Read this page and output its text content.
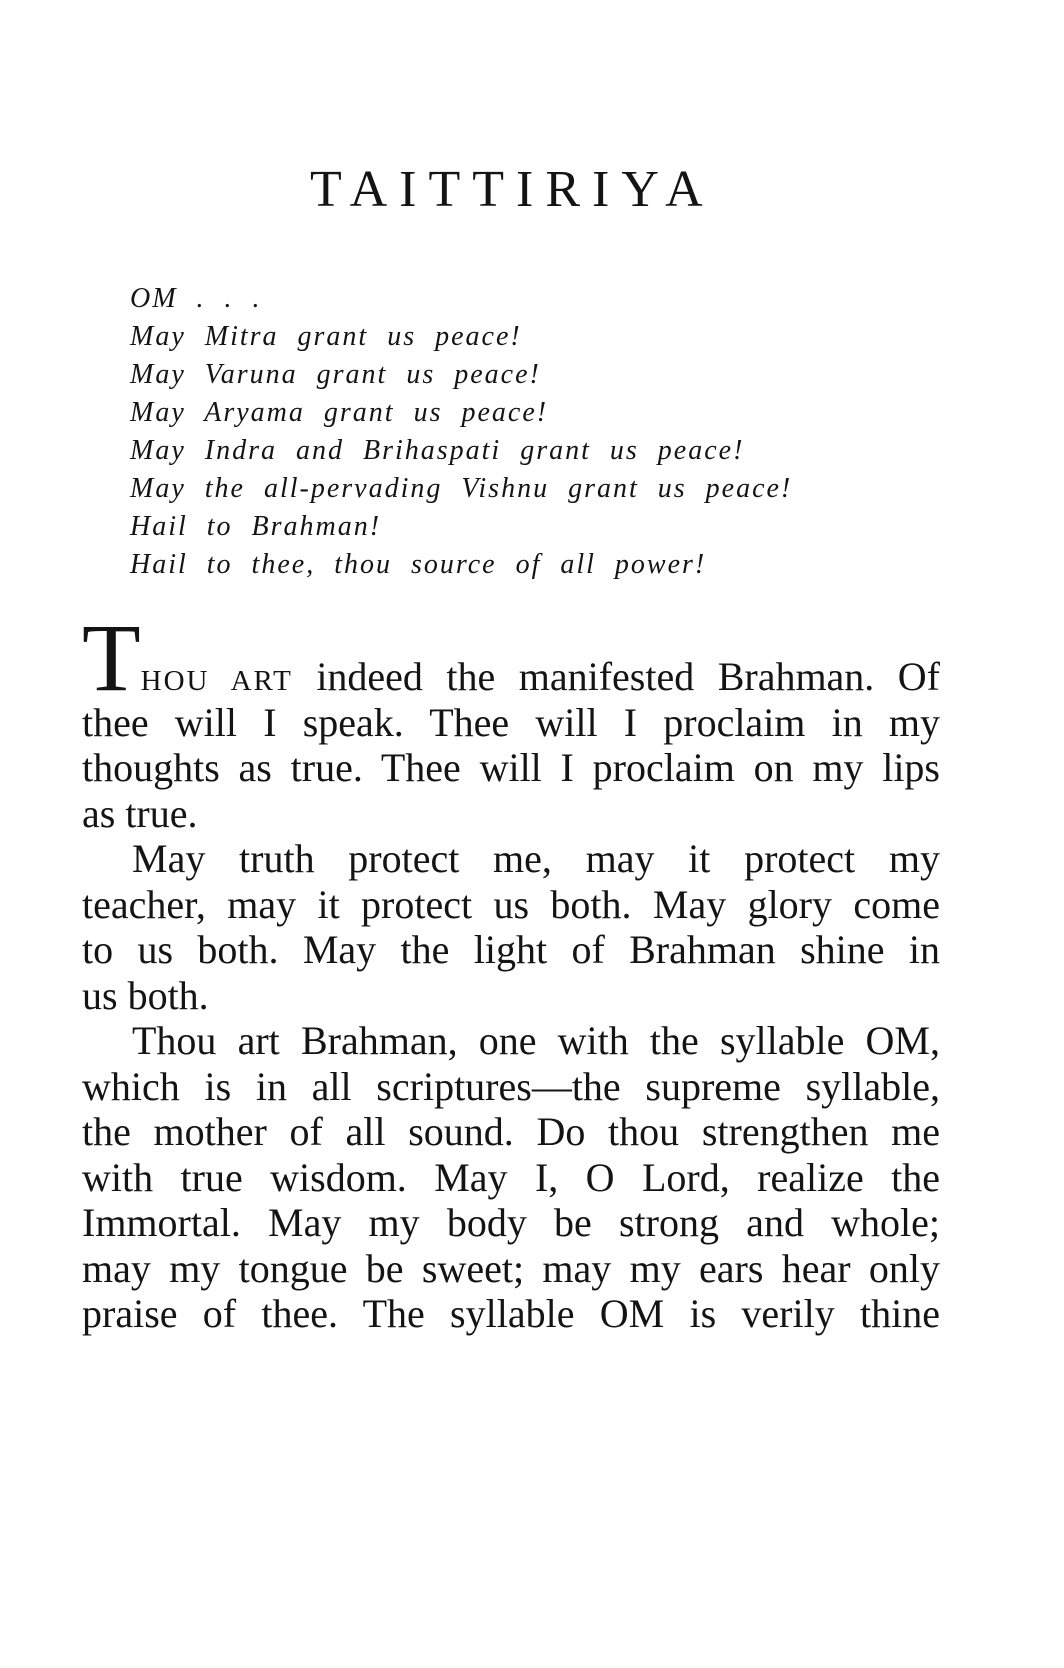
TAITTIRIYA
OM . . .
May Mitra grant us peace!
May Varuna grant us peace!
May Aryama grant us peace!
May Indra and Brihaspati grant us peace!
May the all-pervading Vishnu grant us peace!
Hail to Brahman!
Hail to thee, thou source of all power!
THOU ART indeed the manifested Brahman. Of
thee will I speak. Thee will I proclaim in my
thoughts as true. Thee will I proclaim on my lips
as true.
May truth protect me, may it protect my
teacher, may it protect us both. May glory come
to us both. May the light of Brahman shine in
us both.
Thou art Brahman, one with the syllable OM,
which is in all scriptures—the supreme syllable,
the mother of all sound. Do thou strengthen me
with true wisdom. May I, O Lord, realize the
Immortal. May my body be strong and whole;
may my tongue be sweet; may my ears hear only
praise of thee. The syllable OM is verily thine
